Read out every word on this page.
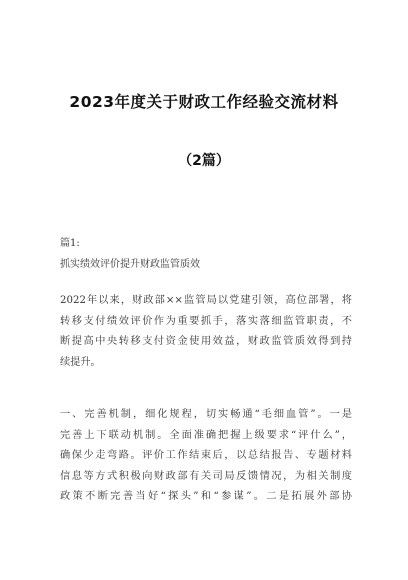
2023年度关于财政工作经验交流材料
（2篇）
篇1:
抓实绩效评价提升财政监管质效
2022年以来，财政部××监管局以党建引领，高位部署，将
转移支付绩效评价作为重要抓手，落实落细监管职责，不
断提高中央转移支付资金使用效益，财政监管质效得到持
续提升。
一、完善机制，细化规程，切实畅通“毛细血管”。一是
完善上下联动机制。全面准确把握上级要求“评什么”，
确保少走弯路。评价工作结束后，以总结报告、专题材料
信息等方式积极向财政部有关司局反馈情况，为相关制度
政策不断完善当好“探头”和“参谋”。二是拓展外部协
